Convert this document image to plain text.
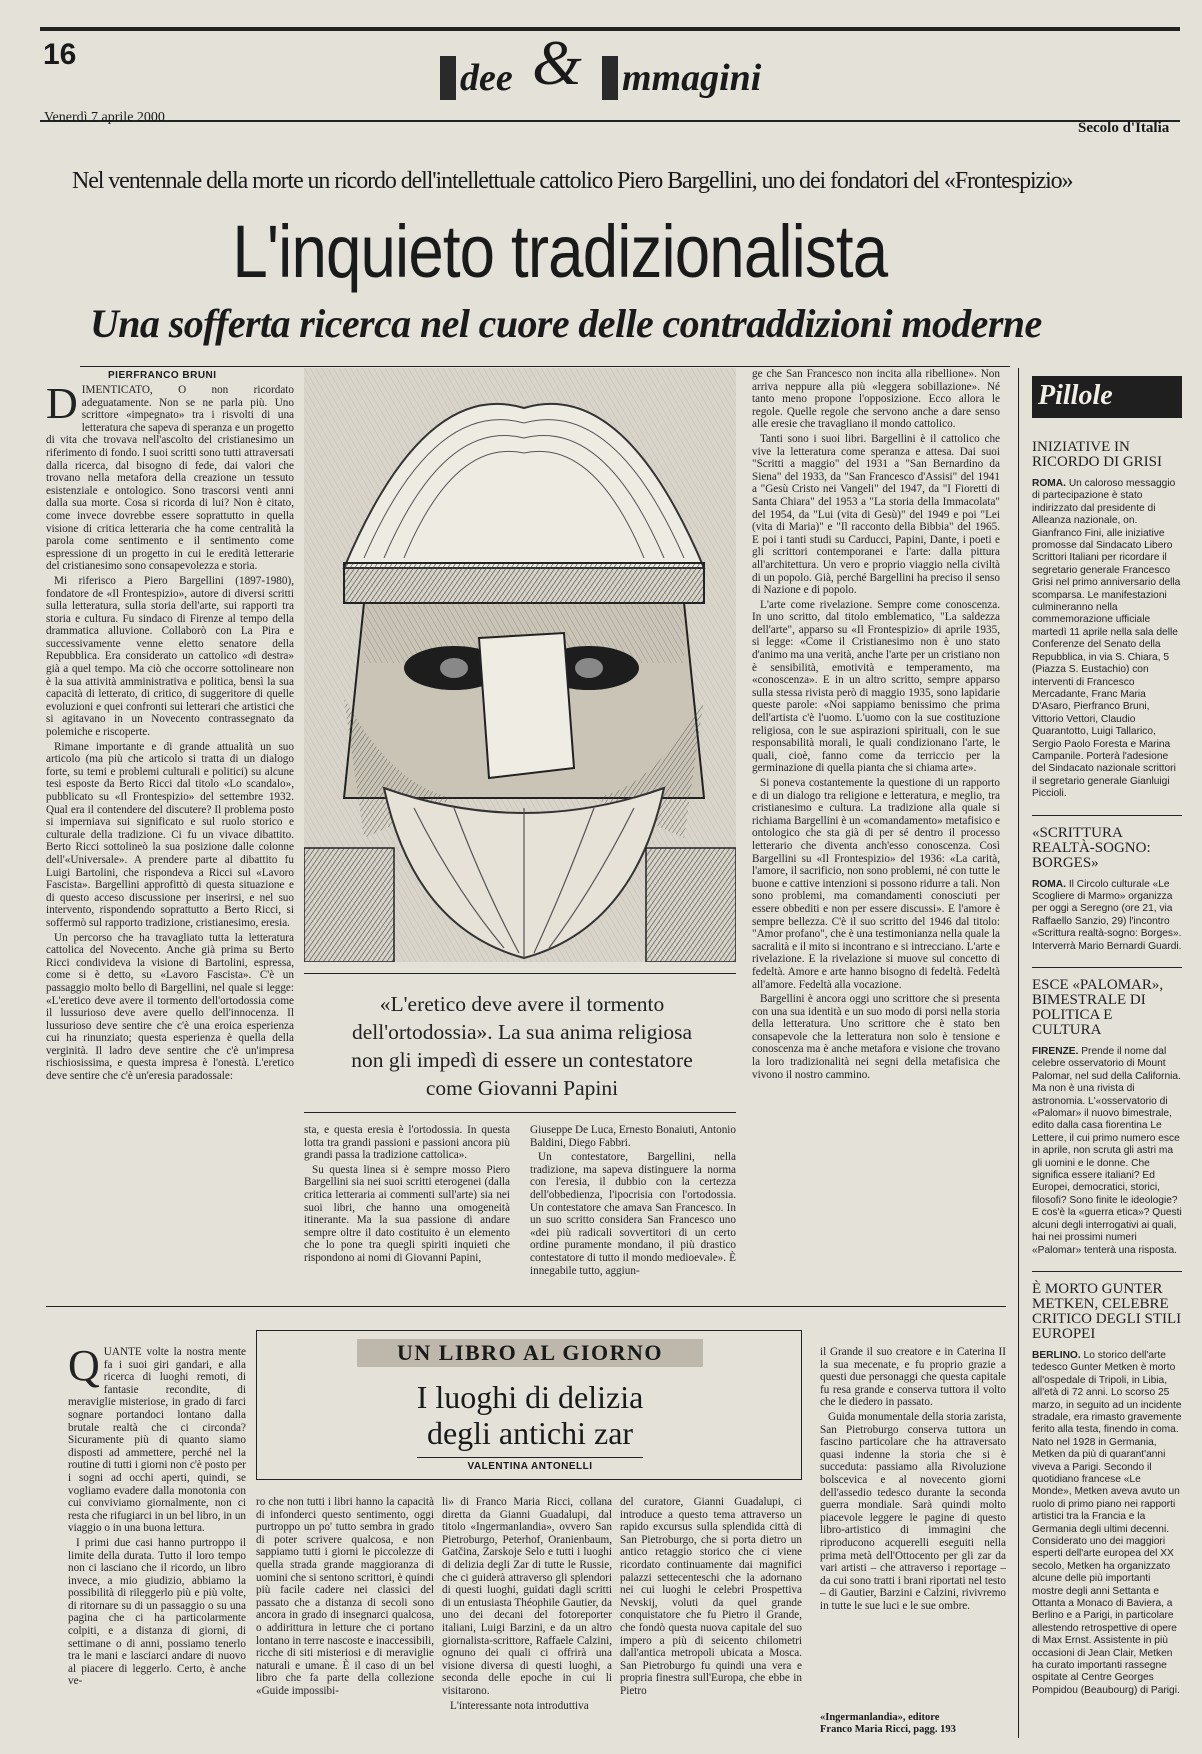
16
dee & mmagini
Venerdì 7 aprile 2000
Secolo d'Italia
Nel ventennale della morte un ricordo dell'intellettuale cattolico Piero Bargellini, uno dei fondatori del «Frontespizio»
L'inquieto tradizionalista
Una sofferta ricerca nel cuore delle contraddizioni moderne
PIERFRANCO BRUNI

DIMENTICATO, O non ricordato adeguatamente. Non se ne parla più. Uno scrittore «impegnato» tra i risvolti di una letteratura che sapeva di speranza e un progetto di vita che trovava nell'ascolto del cristianesimo un riferimento di fondo. I suoi scritti sono tutti attraversati dalla ricerca, dal bisogno di fede, dai valori che trovano nella metafora della creazione un tessuto esistenziale e ontologico. Sono trascorsi venti anni dalla sua morte. Cosa si ricorda di lui? Non è citato, come invece dovrebbe essere soprattutto in quella visione di critica letteraria che ha come centralità la parola come sentimento e il sentimento come espressione di un progetto in cui le eredità letterarie del cristianesimo sono consapevolezza e storia.

Mi riferisco a Piero Bargellini (1897-1980), fondatore de «Il Frontespizio», autore di diversi scritti sulla letteratura, sulla storia dell'arte, sui rapporti tra storia e cultura. Fu sindaco di Firenze al tempo della drammatica alluvione. Collaborò con La Pira e successivamente venne eletto senatore della Repubblica. Era considerato un cattolico «di destra» già a quel tempo. Ma ciò che occorre sottolineare non è la sua attività amministrativa e politica, bensì la sua capacità di letterato, di critico, di suggeritore di quelle evoluzioni e quei confronti sui letterari che artistici che si agitavano in un Novecento contrassegnato da polemiche e riscoperte.

Rimane importante e di grande attualità un suo articolo (ma più che articolo si tratta di un dialogo forte, su temi e problemi culturali e politici) su alcune tesi esposte da Berto Ricci dal titolo «Lo scandalo», pubblicato su «Il Frontespizio» del settembre 1932. Qual era il contendere del discutere? Il problema posto si imperniava sui significato e sul ruolo storico e culturale della tradizione. Ci fu un vivace dibattito. Berto Ricci sottolineò la sua posizione dalle colonne dell'«Universale». A prendere parte al dibattito fu Luigi Bartolini, che rispondeva a Ricci sul «Lavoro Fascista». Bargellini approfittò di questa situazione e di questo acceso discussione per inserirsi, e nel suo intervento, rispondendo soprattutto a Berto Ricci, si soffermò sul rapporto tradizione, cristianesimo, eresia.

Un percorso che ha travagliato tutta la letteratura cattolica del Novecento. Anche già prima su Berto Ricci condivideva la visione di Bartolini, espressa, come si è detto, su «Lavoro Fascista». C'è un passaggio molto bello di Bargellini, nel quale si legge: «L'eretico deve avere il tormento dell'ortodossia come il lussurioso deve avere quello dell'innocenza. Il lussurioso deve sentire che c'è una eroica esperienza cui ha rinunziato; questa esperienza è quella della verginità. Il ladro deve sentire che c'è un'impresa rischiosissima, e questa impresa è l'onestà. L'eretico deve sentire che c'è un'eresia paradossale:

«L'eretico deve avere il tormento dell'ortodossia». La sua anima religiosa non gli impedì di essere un contestatore come Giovanni Papini

sta, e questa eresia è l'ortodossia. In questa lotta tra grandi passioni e passioni ancora più grandi passa la tradizione cattolica».

Su questa linea si è sempre mosso Piero Bargellini sia nei suoi scritti eterogenei (dalla critica letteraria ai commenti sull'arte) sia nei suoi libri, che hanno una omogeneità itinerante. Ma la sua passione di andare sempre oltre il dato costituito è un elemento che lo pone tra quegli spiriti inquieti che rispondono ai nomi di Giovanni Papini,

Giuseppe De Luca, Ernesto Bonaiuti, Antonio Baldini, Diego Fabbri.

Un contestatore, Bargellini, nella tradizione, ma sapeva distinguere la norma con l'eresia, il dubbio con la certezza dell'obbedienza, l'ipocrisia con l'ortodossia. Un contestatore che amava San Francesco. In un suo scritto considera San Francesco uno «dei più radicali sovvertitori di un certo ordine puramente mondano, il più drastico contestatore di tutto il mondo medioevale». È innegabile tutto, aggiun-

ge che San Francesco non incita alla ribellione». Non arriva neppure alla più «leggera sobillazione». Né tanto meno propone l'opposizione. Ecco allora le regole. Quelle regole che servono anche a dare senso alle eresie che travagliano il mondo cattolico.

Tanti sono i suoi libri. Bargellini è il cattolico che vive la letteratura come speranza e attesa. Dai suoi "Scritti a maggio" del 1931 a "San Bernardino da Siena" del 1933, da "San Francesco d'Assisi" del 1941 a "Gesù Cristo nei Vangeli" del 1947, da "I Fioretti di Santa Chiara" del 1953 a "La storia della Immacolata" del 1954, da "Lui (vita di Gesù)" del 1949 e poi "Lei (vita di Maria)" e "Il racconto della Bibbia" del 1965. E poi i tanti studi su Carducci, Papini, Dante, i poeti e gli scrittori contemporanei e l'arte: dalla pittura all'architettura. Un vero e proprio viaggio nella civiltà di un popolo. Già, perché Bargellini ha preciso il senso di Nazione e di popolo.

L'arte come rivelazione. Sempre come conoscenza. In uno scritto, dal titolo emblematico, "La saldezza dell'arte", apparso su «Il Frontespizio» di aprile 1935, si legge: «Come il Cristianesimo non è uno stato d'animo ma una verità, anche l'arte per un cristiano non è sensibilità, emotività e temperamento, ma «conoscenza». E in un altro scritto, sempre apparso sulla stessa rivista però di maggio 1935, sono lapidarie queste parole: «Noi sappiamo benissimo che prima dell'artista c'è l'uomo. L'uomo con la sue costituzione religiosa, con le sue aspirazioni spirituali, con le sue responsabilità morali, le quali condizionano l'arte, le quali, cioè, fanno come da terriccio per la germinazione di quella pianta che si chiama arte».

Si poneva costantemente la questione di un rapporto e di un dialogo tra religione e letteratura, e meglio, tra cristianesimo e cultura. La tradizione alla quale si richiama Bargellini è un «comandamento» metafisico e ontologico che sta già di per sé dentro il processo letterario che diventa anch'esso conoscenza. Così Bargellini su «Il Frontespizio» del 1936: «La carità, l'amore, il sacrificio, non sono problemi, né con tutte le buone e cattive intenzioni si possono ridurre a tali. Non sono problemi, ma comandamenti conosciuti per essere obbediti e non per essere discussi». E l'amore è sempre bellezza. C'è il suo scritto del 1946 dal titolo: "Amor profano", che è una testimonianza nella quale la sacralità e il mito si incontrano e si intrecciano. L'arte e rivelazione. E la rivelazione si muove sul concetto di fedeltà. Amore e arte hanno bisogno di fedeltà. Fedeltà all'amore. Fedeltà alla vocazione.

Bargellini è ancora oggi uno scrittore che si presenta con una sua identità e un suo modo di porsi nella storia della letteratura. Uno scrittore che è stato ben consapevole che la letteratura non solo è tensione e conoscenza ma è anche metafora e visione che trovano la loro tradizionalità nei segni della metafisica che vivono il nostro cammino.

Pillole
INIZIATIVE IN RICORDO DI GRISI
ROMA. Un caloroso messaggio di partecipazione è stato indirizzato dal presidente di Alleanza nazionale, on. Gianfranco Fini, alle iniziative promosse dal Sindacato Libero Scrittori Italiani per ricordare il segretario generale Francesco Grisi nel primo anniversario della scomparsa. Le manifestazioni culmineranno nella commemorazione ufficiale martedì 11 aprile nella sala delle Conferenze del Senato della Repubblica, in via S. Chiara, 5 (Piazza S. Eustachio) con interventi di Francesco Mercadante, Franc Maria D'Asaro, Pierfranco Bruni, Vittorio Vettori, Claudio Quarantotto, Luigi Tallarico, Sergio Paolo Foresta e Marina Campanile. Porterà l'adesione del Sindacato nazionale scrittori il segretario generale Gianluigi Piccioli.
«SCRITTURA REALTÀ-SOGNO: BORGES»
ROMA. Il Circolo culturale «Le Scogliere di Marmo» organizza per oggi a Seregno (ore 21, via Raffaello Sanzio, 29) l'incontro «Scrittura realtà-sogno: Borges». Interverrà Mario Bernardi Guardi.
ESCE «PALOMAR», BIMESTRALE DI POLITICA E CULTURA
FIRENZE. Prende il nome dal celebre osservatorio di Mount Palomar, nel sud della California. Ma non è una rivista di astronomia. L'«osservatorio di «Palomar» il nuovo bimestrale, edito dalla casa fiorentina Le Lettere, il cui primo numero esce in aprile, non scruta gli astri ma gli uomini e le donne. Che significa essere italiani? Ed Europei, democratici, storici, filosofi? Sono finite le ideologie? E cos'è la «guerra etica»? Questi alcuni degli interrogativi ai quali, hai nei prossimi numeri «Palomar» tenterà una risposta.
È MORTO GUNTER METKEN, CELEBRE CRITICO DEGLI STILI EUROPEI
BERLINO. Lo storico dell'arte tedesco Gunter Metken è morto all'ospedale di Tripoli, in Libia, all'età di 72 anni. Lo scorso 25 marzo, in seguito ad un incidente stradale, era rimasto gravemente ferito alla testa, finendo in coma. Nato nel 1928 in Germania, Metken da più di quarant'anni viveva a Parigi. Secondo il quotidiano francese «Le Monde», Metken aveva avuto un ruolo di primo piano nei rapporti artistici tra la Francia e la Germania degli ultimi decenni. Considerato uno dei maggiori esperti dell'arte europea del XX secolo, Metken ha organizzato alcune delle più importanti mostre degli anni Settanta e Ottanta a Monaco di Baviera, a Berlino e a Parigi, in particolare allestendo retrospettive di opere di Max Ernst. Assistente in più occasioni di Jean Clair, Metken ha curato importanti rassegne ospitate al Centre Georges Pompidou (Beaubourg) di Parigi.
UN LIBRO AL GIORNO
I luoghi di delizia
degli antichi zar
VALENTINA ANTONELLI

QUANTE volte la nostra mente fa i suoi giri gandari, e alla ricerca di luoghi remoti, di fantasie recondite, di meraviglie misteriose, in grado di farci sognare portandoci lontano dalla brutale realtà che ci circonda? Sicuramente più di quanto siamo disposti ad ammettere, perché nel la routine di tutti i giorni non c'è posto per i sogni ad occhi aperti, quindi, se vogliamo evadere dalla monotonia con cui conviviamo giornalmente, non ci resta che rifugiarci in un bel libro, in un viaggio o in una buona lettura.

I primi due casi hanno purtroppo il limite della durata. Tutto il loro tempo non ci lasciano che il ricordo, un libro invece, a mio giudizio, abbiamo la possibilità di rileggerlo più e più volte, di ritornare su di un passaggio o su una pagina che ci ha particolarmente colpiti, e a distanza di giorni, di settimane o di anni, possiamo tenerlo tra le mani e lasciarci andare di nuovo al piacere di leggerlo. Certo, è anche ve-

ro che non tutti i libri hanno la capacità di infonderci questo sentimento, oggi purtroppo un po' tutto sembra in grado di poter scrivere qualcosa, e non sappiamo tutti i giorni le piccolezze di quella strada grande maggioranza di uomini che si sentono scrittori, è quindi più facile cadere nei classici del passato che a distanza di secoli sono ancora in grado di insegnarci qualcosa, o addirittura in letture che ci portano lontano in terre nascoste e inaccessibili, ricche di siti misteriosi e di meraviglie naturali e umane. È il caso di un bel libro che fa parte della collezione «Guide impossibi-

li» di Franco Maria Ricci, collana diretta da Gianni Guadalupi, dal titolo «Ingermanlandia», ovvero San Pietroburgo, Peterhof, Oranienbaum, Gatčina, Zarskoje Selo e tutti i luoghi di delizia degli Zar di tutte le Russie, che ci guiderà attraverso gli splendori di questi luoghi, guidati dagli scritti di un entusiasta Théophile Gautier, da uno dei decani del fotoreporter italiani, Luigi Barzini, e da un altro giornalista-scrittore, Raffaele Calzini, ognuno dei quali ci offrirà una visione diversa di questi luoghi, a seconda delle epoche in cui li visitarono.

L'interessante nota introduttiva

del curatore, Gianni Guadalupi, ci introduce a questo tema attraverso un rapido excursus sulla splendida città di San Pietroburgo, che si porta dietro un antico retaggio storico che ci viene ricordato continuamente dai magnifici palazzi settecenteschi che la adornano nei cui luoghi le celebri Prospettiva Nevskij, voluti da quel grande conquistatore che fu Pietro il Grande, che fondò questa nuova capitale del suo impero a più di seicento chilometri dall'antica metropoli ubicata a Mosca. San Pietroburgo fu quindi una vera e propria finestra sull'Europa, che ebbe in Pietro

il Grande il suo creatore e in Caterina II la sua mecenate, e fu proprio grazie a questi due personaggi che questa capitale fu resa grande e conserva tuttora il volto che le diedero in passato.

Guida monumentale della storia zarista, San Pietroburgo conserva tuttora un fascino particolare che ha attraversato quasi indenne la storia che si è succeduta: passiamo alla Rivoluzione bolscevica e al novecento giorni dell'assedio tedesco durante la seconda guerra mondiale. Sarà quindi molto piacevole leggere le pagine di questo libro-artistico di immagini che riproducono acquerelli eseguiti nella prima metà dell'Ottocento per gli zar da vari artisti – che attraverso i reportage – da cui sono tratti i brani riportati nel testo – di Gautier, Barzini e Calzini, rivivremo in tutte le sue luci e le sue ombre.

«Ingermanlandia», editore
Franco Maria Ricci, pagg. 193
